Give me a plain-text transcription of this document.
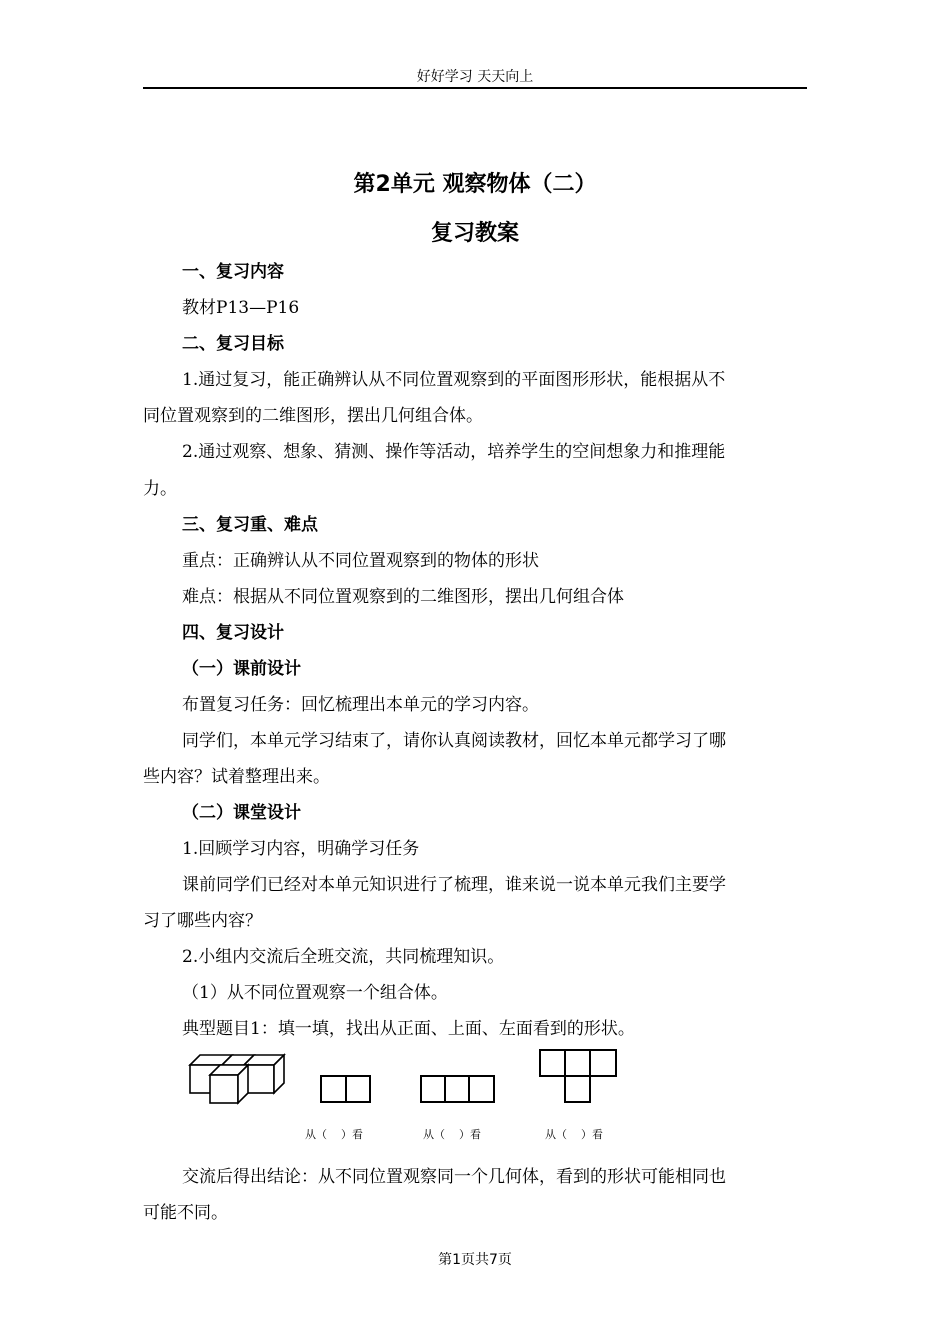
好好学习 天天向上
第2单元 观察物体（二）
复习教案
一、复习内容
教材P13—P16
二、复习目标
1.通过复习，能正确辨认从不同位置观察到的平面图形形状，能根据从不
同位置观察到的二维图形，摆出几何组合体。
2.通过观察、想象、猜测、操作等活动，培养学生的空间想象力和推理能
力。
三、复习重、难点
重点：正确辨认从不同位置观察到的物体的形状
难点：根据从不同位置观察到的二维图形，摆出几何组合体
四、复习设计
（一）课前设计
布置复习任务：回忆梳理出本单元的学习内容。
同学们，本单元学习结束了，请你认真阅读教材，回忆本单元都学习了哪
些内容？试着整理出来。
（二）课堂设计
1.回顾学习内容，明确学习任务
课前同学们已经对本单元知识进行了梳理，谁来说一说本单元我们主要学
习了哪些内容？
2.小组内交流后全班交流，共同梳理知识。
（1）从不同位置观察一个组合体。
典型题目1：填一填，找出从正面、上面、左面看到的形状。
从（    ）看	从（    ）看	从（    ）看
交流后得出结论：从不同位置观察同一个几何体，看到的形状可能相同也
可能不同。
第1页共7页
